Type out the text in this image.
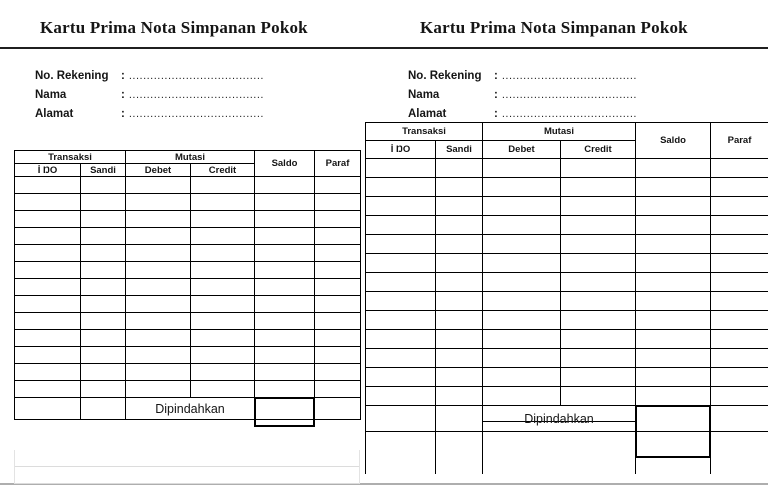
Kartu Prima Nota Simpanan Pokok	Kartu Prima Nota Simpanan Pokok
No. Rekening	: ......................................
Nama	: ......................................
Alamat	: ......................................
No. Rekening	: ......................................
Nama	: ......................................
Alamat	: ......................................
Transaksi		Mutasi		Saldo	Paraf
İ ŊO	Sandi	Debet	Credit		

		Dipindahkan		

Transaksi		Mutasi		Saldo	Paraf
İ ŊO	Sandi	Debet	Credit		

		Dipindahkan		
